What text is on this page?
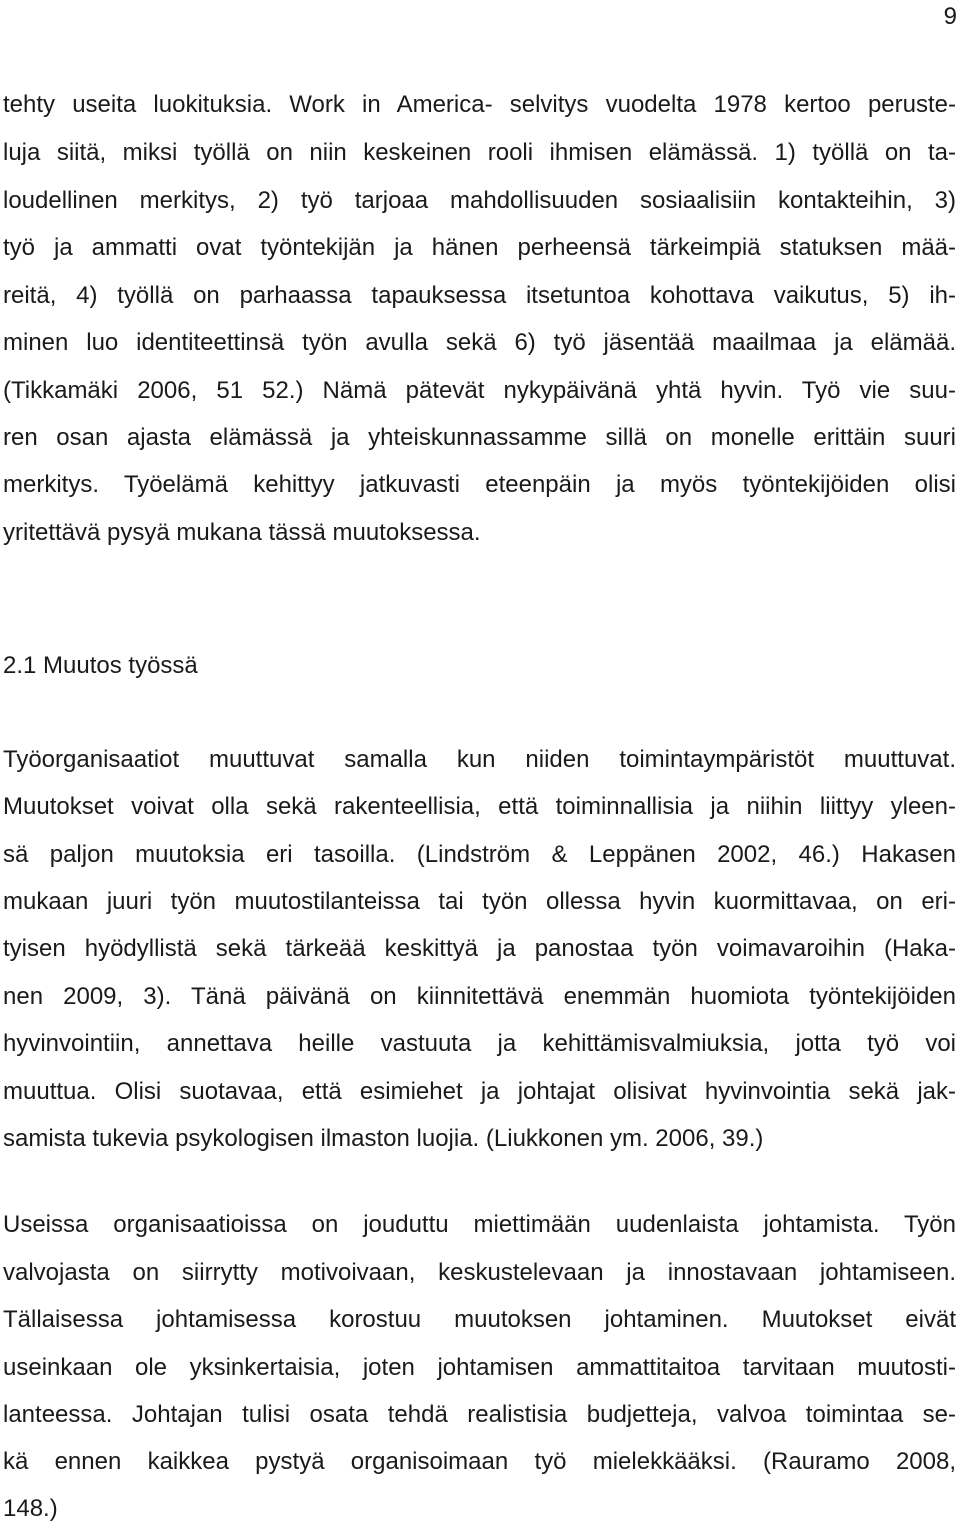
9
tehty useita luokituksia. Work in America- selvitys vuodelta 1978 kertoo peruste-
luja siitä, miksi työllä on niin keskeinen rooli ihmisen elämässä. 1) työllä on ta-
loudellinen merkitys, 2) työ tarjoaa mahdollisuuden sosiaalisiin kontakteihin, 3)
työ ja ammatti ovat työntekijän ja hänen perheensä tärkeimpiä statuksen mää-
reitä, 4) työllä on parhaassa tapauksessa itsetuntoa kohottava vaikutus, 5) ih-
minen luo identiteettinsä työn avulla sekä 6) työ jäsentää maailmaa ja elämää.
(Tikkamäki 2006, 51 52.) Nämä pätevät nykypäivänä yhtä hyvin. Työ vie suu-
ren osan ajasta elämässä ja yhteiskunnassamme sillä on monelle erittäin suuri
merkitys. Työelämä kehittyy jatkuvasti eteenpäin ja myös työntekijöiden olisi
yritettävä pysyä mukana tässä muutoksessa.
2.1 Muutos työssä
Työorganisaatiot muuttuvat samalla kun niiden toimintaympäristöt muuttuvat.
Muutokset voivat olla sekä rakenteellisia, että toiminnallisia ja niihin liittyy yleen-
sä paljon muutoksia eri tasoilla. (Lindström & Leppänen 2002, 46.) Hakasen
mukaan juuri työn muutostilanteissa tai työn ollessa hyvin kuormittavaa, on eri-
tyisen hyödyllistä sekä tärkeää keskittyä ja panostaa työn voimavaroihin (Haka-
nen 2009, 3). Tänä päivänä on kiinnitettävä enemmän huomiota työntekijöiden
hyvinvointiin, annettava heille vastuuta ja kehittämisvalmiuksia, jotta työ voi
muuttua. Olisi suotavaa, että esimiehet ja johtajat olisivat hyvinvointia sekä jak-
samista tukevia psykologisen ilmaston luojia. (Liukkonen ym. 2006, 39.)
Useissa organisaatioissa on jouduttu miettimään uudenlaista johtamista. Työn
valvojasta on siirrytty motivoivaan, keskustelevaan ja innostavaan johtamiseen.
Tällaisessa johtamisessa korostuu muutoksen johtaminen. Muutokset eivät
useinkaan ole yksinkertaisia, joten johtamisen ammattitaitoa tarvitaan muutosti-
lanteessa. Johtajan tulisi osata tehdä realistisia budjetteja, valvoa toimintaa se-
kä ennen kaikkea pystyä organisoimaan työ mielekkääksi. (Rauramo 2008,
148.)
